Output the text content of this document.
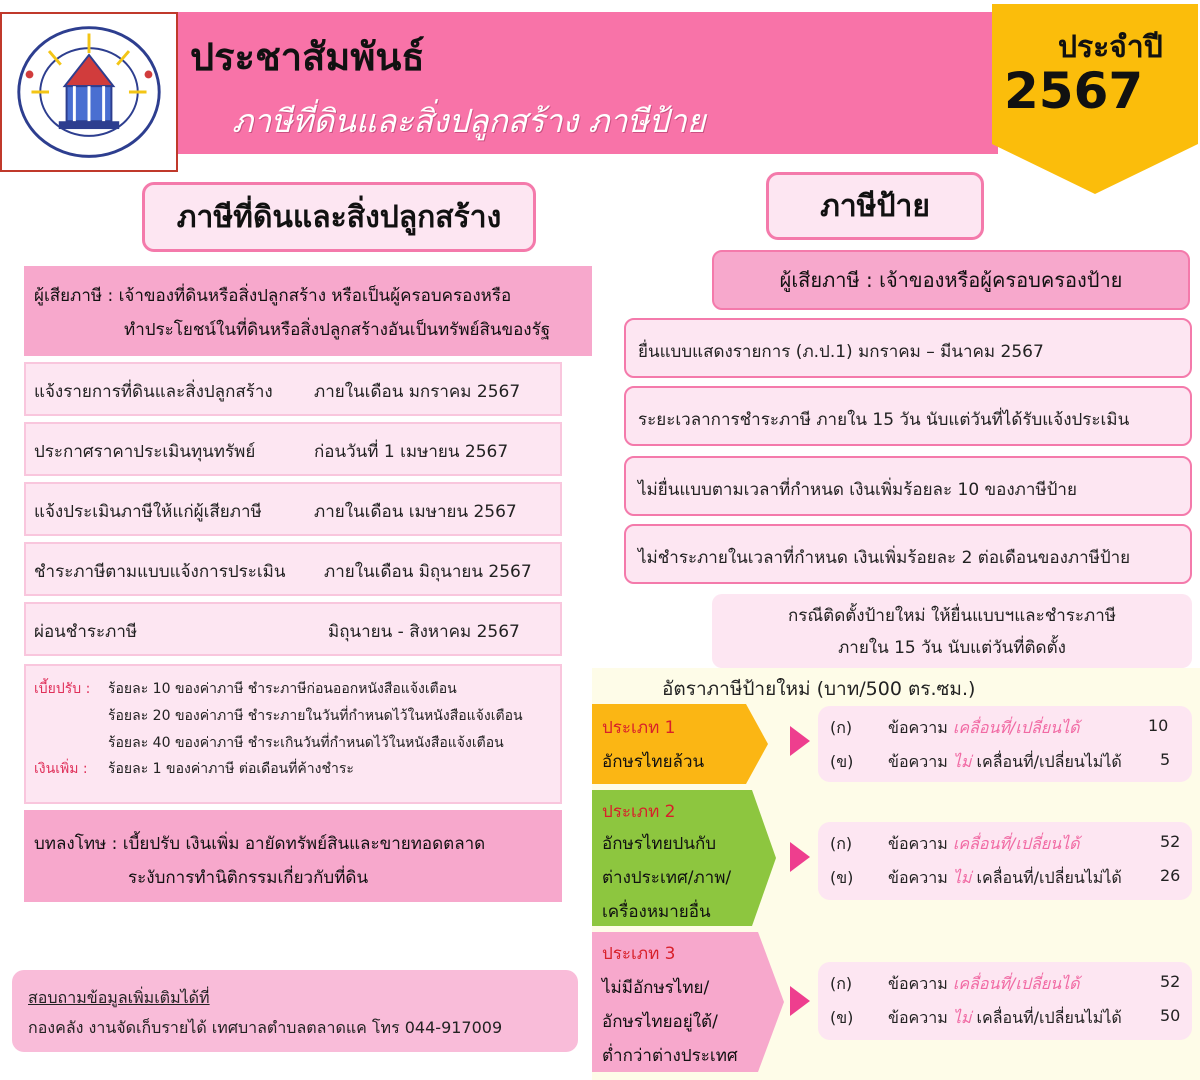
ประชาสัมพันธ์
ภาษีที่ดินและสิ่งปลูกสร้าง ภาษีป้าย
ประจำปี
2567
ภาษีที่ดินและสิ่งปลูกสร้าง	ภาษีป้าย
ผู้เสียภาษี : เจ้าของที่ดินหรือสิ่งปลูกสร้าง หรือเป็นผู้ครอบครองหรือ
ทำประโยชน์ในที่ดินหรือสิ่งปลูกสร้างอันเป็นทรัพย์สินของรัฐ
แจ้งรายการที่ดินและสิ่งปลูกสร้าง ภายในเดือน มกราคม 2567
ประกาศราคาประเมินทุนทรัพย์	ก่อนวันที่ 1 เมษายน 2567
แจ้งประเมินภาษีให้แก่ผู้เสียภาษี	ภายในเดือน เมษายน 2567
ชำระภาษีตามแบบแจ้งการประเมิน ภายในเดือน มิถุนายน 2567
ผ่อนชำระภาษี	มิถุนายน - สิงหาคม 2567
เบี้ยปรับ : ร้อยละ 10 ของค่าภาษี ชำระภาษีก่อนออกหนังสือแจ้งเตือน
ร้อยละ 20 ของค่าภาษี ชำระภายในวันที่กำหนดไว้ในหนังสือแจ้งเตือน
ร้อยละ 40 ของค่าภาษี ชำระเกินวันที่กำหนดไว้ในหนังสือแจ้งเตือน
เงินเพิ่ม : ร้อยละ 1 ของค่าภาษี ต่อเดือนที่ค้างชำระ
บทลงโทษ : เบี้ยปรับ เงินเพิ่ม อายัดทรัพย์สินและขายทอดตลาด
ระงับการทำนิติกรรมเกี่ยวกับที่ดิน
สอบถามข้อมูลเพิ่มเติมได้ที่
กองคลัง งานจัดเก็บรายได้ เทศบาลตำบลตลาดแค โทร 044-917009
ผู้เสียภาษี : เจ้าของหรือผู้ครอบครองป้าย
ยื่นแบบแสดงรายการ (ภ.ป.1) มกราคม – มีนาคม 2567
ระยะเวลาการชำระภาษี ภายใน 15 วัน นับแต่วันที่ได้รับแจ้งประเมิน
ไม่ยื่นแบบตามเวลาที่กำหนด เงินเพิ่มร้อยละ 10 ของภาษีป้าย
ไม่ชำระภายในเวลาที่กำหนด เงินเพิ่มร้อยละ 2 ต่อเดือนของภาษีป้าย
กรณีติดตั้งป้ายใหม่ ให้ยื่นแบบฯและชำระภาษี
ภายใน 15 วัน นับแต่วันที่ติดตั้ง
อัตราภาษีป้ายใหม่ (บาท/500 ตร.ซม.)
ประเภท 1
อักษรไทยล้วน
(ก) ข้อความ เคลื่อนที่/เปลี่ยนได้	10
(ข) ข้อความ ไม่ เคลื่อนที่/เปลี่ยนไม่ได้ 5
ประเภท 2
อักษรไทยปนกับ
ต่างประเทศ/ภาพ/
เครื่องหมายอื่น
(ก) ข้อความ เคลื่อนที่/เปลี่ยนได้	52
(ข) ข้อความ ไม่ เคลื่อนที่/เปลี่ยนไม่ได้ 26
ประเภท 3
ไม่มีอักษรไทย/
อักษรไทยอยู่ใต้/
ต่ำกว่าต่างประเทศ
(ก) ข้อความ เคลื่อนที่/เปลี่ยนได้	52
(ข) ข้อความ ไม่ เคลื่อนที่/เปลี่ยนไม่ได้ 50
